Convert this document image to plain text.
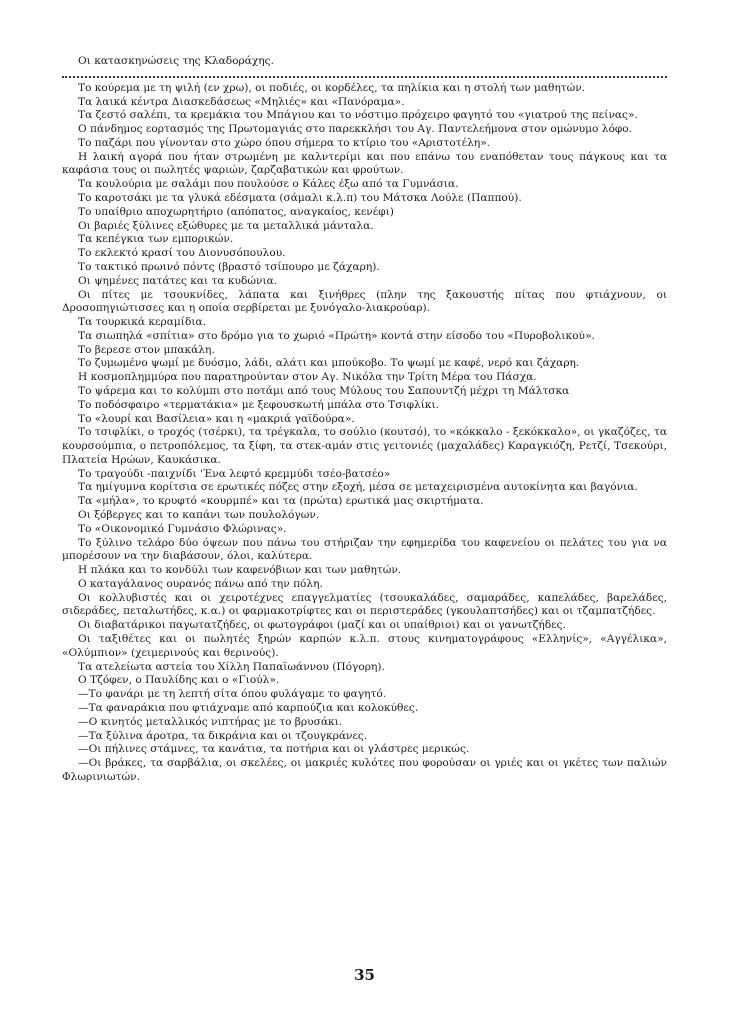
Οι κατασκηνώσεις της Κλαδοράχης.

Το κούρεμα με τη ψιλή (εν χρω), οι ποδιές, οι κορδέλες, τα πηλίκια και η στολή των μαθητών.

Τα λαικά κέντρα Διασκεδάσεως «Μηλιές» και «Πανόραμα».

Τα ζεστό σαλέπι, τα κρεμάκια του Μπάγιου και το νόστιμο πρόχειρο φαγητό του «γιατρού της πείνας».

Ο πάνδημος εορτασμός της Πρωτομαγιάς στο παρεκκλήσι του Αγ. Παντελεήμονα στον ομώνυμο λόφο.

Το παζάρι που γίνονταν στο χώρο όπου σήμερα το κτίριο του «Αριστοτέλη».

Η λαική αγορά που ήταν στρωμένη με καλντερίμι και που επάνω του εναπόθεταν τους πάγκους και τα καφάσια τους οι πωλητές ψαριών, ζαρζαβατικών και φρούτων.

Τα κουλούρια με σαλάμι που πουλούσε ο Κάλες έξω από τα Γυμνάσια.

Το καροτσάκι με τα γλυκά εδέσματα (σάμαλι κ.λ.π) του Μάτσκα Λούλε (Παππού).

Το υπαίθριο αποχωρητήριο (απόπατος, αναγκαίος, κενέφι)

Οι βαριές ξύλινες εξώθυρες με τα μεταλλικά μάνταλα.

Τα κεπέγκια των εμπορικών.

Το εκλεκτό κρασί του Διονυσόπουλου.

Το τακτικό πρωινό πόντς (βραστό τσίπουρο με ζάχαρη).

Οι ψημένες πατάτες και τα κυδώνια.

Οι πίτες με τσουκνίδες, λάπατα και ξινήθρες (πλην της ξακουστής πίτας που φτιάχνουν, οι Δροσοπηγιώτισσες και η οποία σερβίρεται με ξυνόγαλο-λιακρούαρ).

Τα τουρκικά κεραμίδια.

Τα σιωπηλά «σπίτια» στο δρόμο για το χωριό «Πρώτη» κοντά στην είσοδο του «Πυροβολικού».

Το βερεσε στον μπακάλη.

Το ζυμωμένο ψωμί με δυόσμο, λάδι, αλάτι και μπούκοβο. Το ψωμί με καφέ, νερό και ζάχαρη.

Η κοσμοπλημμύρα που παρατηρούνταν στον Αγ. Νικόλα την Τρίτη Μέρα του Πάσχα.

Το ψάρεμα και το κολύμπι στο ποτάμι από τους Μύλους του Σαπουντζή μέχρι τη Μάλτσκα

Το ποδόσφαιρο «τερματάκια» με ξεφουσκωτή μπάλα στο Τσιφλίκι.

Το «λουρί και Βασίλεια» και η «μακριά γαϊδούρα».

Το τσιφλίκι, ο τροχός (τσέρκι), τα τρέγκαλα, το σούλιο (κουτσό), το «κόκκαλο - ξεκόκκαλο», οι γκαζόζες, τα κουρσούμπια, ο πετροπόλεμος, τα ξίφη, τα στεκ-αμάν στις γειτονιές (μαχαλάδες) Καραγκιόζη, Ρετζί, Τσεκούρι, Πλατεία Ηρώων, Καυκάσικα.

Το τραγούδι -παιχνίδι 'Ένα λεφτό κρεμμύδι τσέο-βατσέο»

Τα ημίγυμνα κορίτσια σε ερωτικές πόζες στην εξοχή, μέσα σε μεταχειρισμένα αυτοκίνητα και βαγόνια.

Τα «μήλα», το κρυφτό «κουρμπέ» και τα (πρώτα) ερωτικά μας σκιρτήματα.

Οι ξόβεργες και το καπάνι των πουλολόγων.

Το «Οικονομικό Γυμνάσιο Φλώρινας».

Το ξύλινο τελάρο δύο όψεων που πάνω του στήριζαν την εφημερίδα του καφενείου οι πελάτες του για να μπορέσουν να την διαβάσουν, όλοι, καλύτερα.

Η πλάκα και το κονδύλι των καφενόβιων και των μαθητών.

Ο καταγάλανος ουρανός πάνω από την πόλη.

Οι κολλυβιστές και οι χειροτέχνες επαγγελματίες (τσουκαλάδες, σαμαράδες, καπελάδες, βαρελάδες, σιδεράδες, πεταλωτήδες, κ.α.) οι φαρμακοτρίφτες και οι περιστεράδες (γκουλαπτσήδες) και οι τζαμπατζήδες.

Οι διαβατάρικοι παγωτατζήδες, οι φωτογράφοι (μαζί και οι υπαίθριοι) και οι γανωτζήδες.

Οι ταξιθέτες και οι πωλητές ξηρών καρπών κ.λ.π. στους κινηματογράφους «Ελληνίς», «Αγγέλικα», «Ολύμπιον» (χειμερινούς και θερινούς).

Τα ατελείωτα αστεία του Χίλλη Παπαϊωάννου (Πόγορη).

Ο Τζόφεν, ο Παυλίδης και ο «Γιούλ».

—Το φανάρι με τη λεπτή σίτα όπου φυλάγαμε το φαγητό.

—Τα φαναράκια που φτιάχναμε από καρπούζια και κολοκύθες.

—Ο κινητός μεταλλικός νιπτήρας με το βρυσάκι.

—Τα ξύλινα άροτρα, τα δικράνια και οι τζουγκράνες.

—Οι πήλινες στάμνες, τα κανάτια, τα ποτήρια και οι γλάστρες μερικώς.

—Οι βράκες, τα σαρβάλια, οι σκελέες, οι μακριές κυλότες που φορούσαν οι γριές και οι γκέτες των παλιών Φλωρινιωτών.

35
